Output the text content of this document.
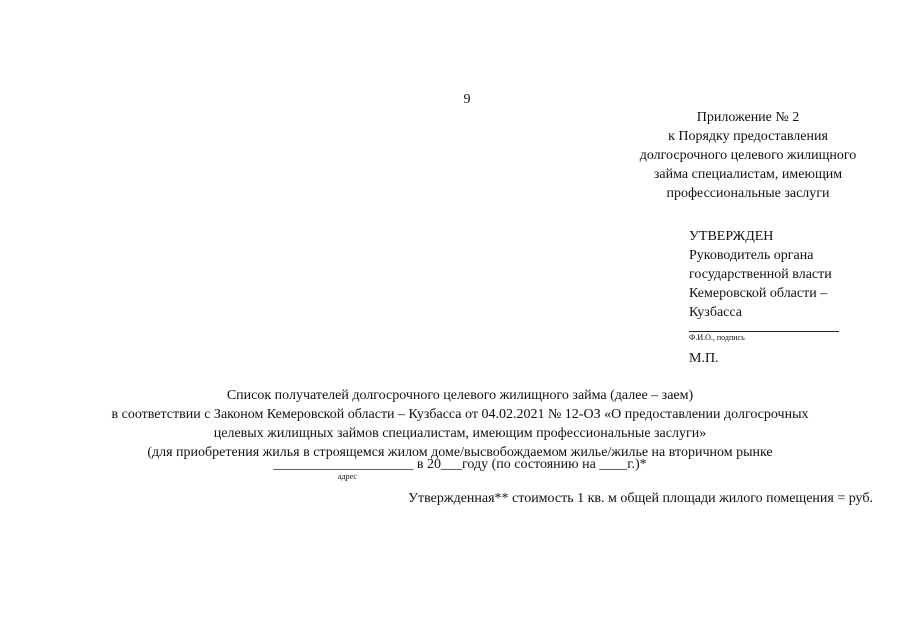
9
Приложение № 2
к Порядку предоставления
долгосрочного целевого жилищного
займа специалистам, имеющим
профессиональные заслуги
УТВЕРЖДЕН
Руководитель органа
государственной власти
Кемеровской области –
Кузбасса
Ф.И.О., подпись
М.П.
Список получателей долгосрочного целевого жилищного займа (далее – заем)
в соответствии с Законом Кемеровской области – Кузбасса от 04.02.2021 № 12-ОЗ «О предоставлении долгосрочных
целевых жилищных займов специалистам, имеющим профессиональные заслуги»
(для приобретения жилья в строящемся жилом доме/высвобождаемом жилье/жилье на вторичном рынке
____________________ в 20___году (по состоянию на ____г.)*
адрес
Утвержденная** стоимость 1 кв. м общей площади жилого помещения = руб.
